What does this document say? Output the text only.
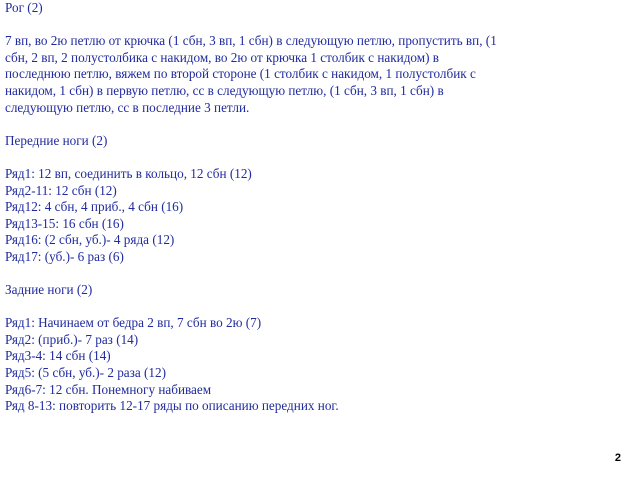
Рог (2)
7 вп, во 2ю петлю от крючка (1 сбн, 3 вп, 1 сбн) в следующую петлю, пропустить вп, (1
сбн, 2 вп, 2 полустолбика с накидом, во 2ю от крючка 1 столбик с накидом) в
последнюю петлю, вяжем по второй стороне (1 столбик с накидом, 1 полустолбик с
накидом, 1 сбн) в первую петлю, сс в следующую петлю, (1 сбн, 3 вп, 1 сбн) в
следующую петлю, сс в последние 3 петли.
Передние ноги (2)
Ряд1: 12 вп, соединить в кольцо, 12 сбн (12)
Ряд2-11: 12 сбн (12)
Ряд12: 4 сбн, 4 приб., 4 сбн (16)
Ряд13-15: 16 сбн (16)
Ряд16: (2 сбн, уб.)- 4 ряда (12)
Ряд17: (уб.)- 6 раз (6)
Задние ноги (2)
Ряд1: Начинаем от бедра 2 вп, 7 сбн во 2ю (7)
Ряд2: (приб.)- 7 раз (14)
Ряд3-4: 14 сбн (14)
Ряд5: (5 сбн, уб.)- 2 раза (12)
Ряд6-7: 12 сбн. Понемногу набиваем
Ряд 8-13: повторить 12-17 ряды по описанию передних ног.
2
